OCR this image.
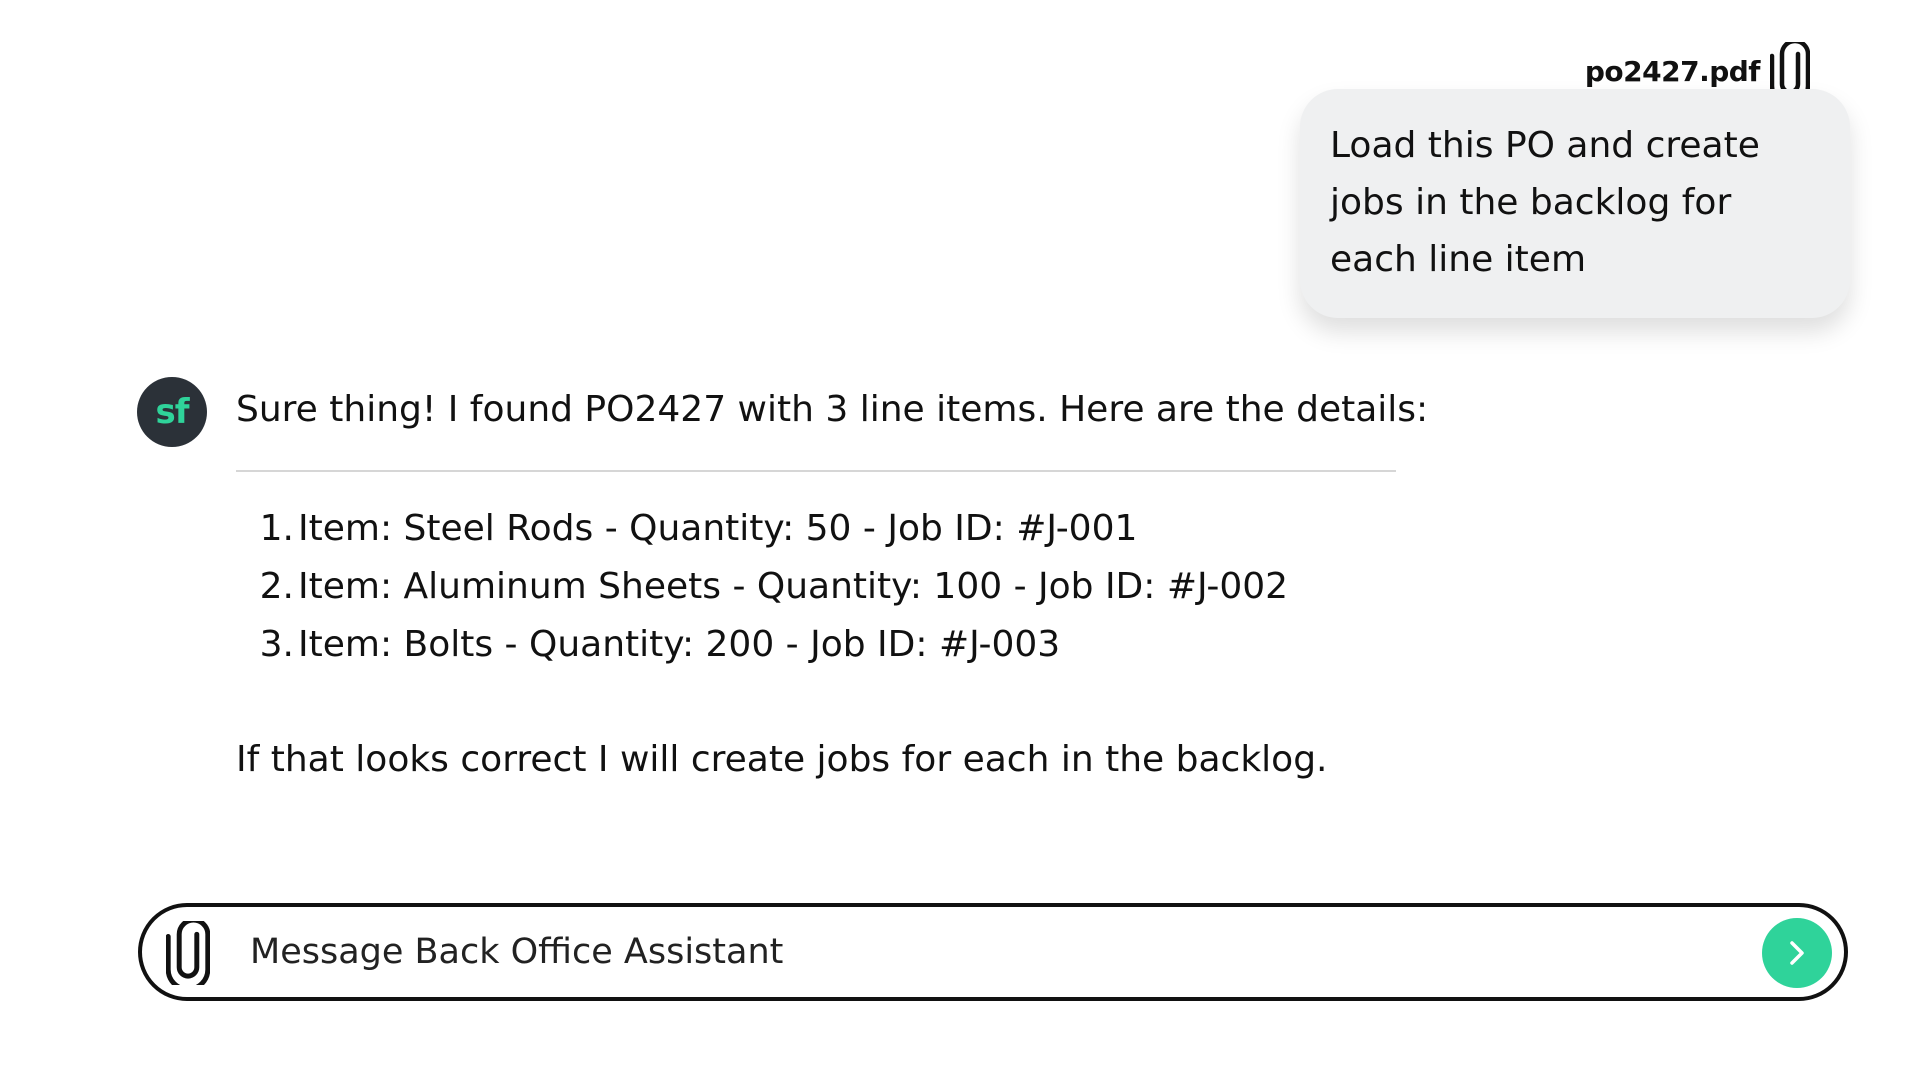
po2427.pdf
Load this PO and create jobs in the backlog for each line item
sf Sure thing! I found PO2427 with 3 line items. Here are the details:
1. Item: Steel Rods - Quantity: 50 - Job ID: #J-001
2. Item: Aluminum Sheets - Quantity: 100 - Job ID: #J-002
3. Item: Bolts - Quantity: 200 - Job ID: #J-003
If that looks correct I will create jobs for each in the backlog.
Message Back Office Assistant
